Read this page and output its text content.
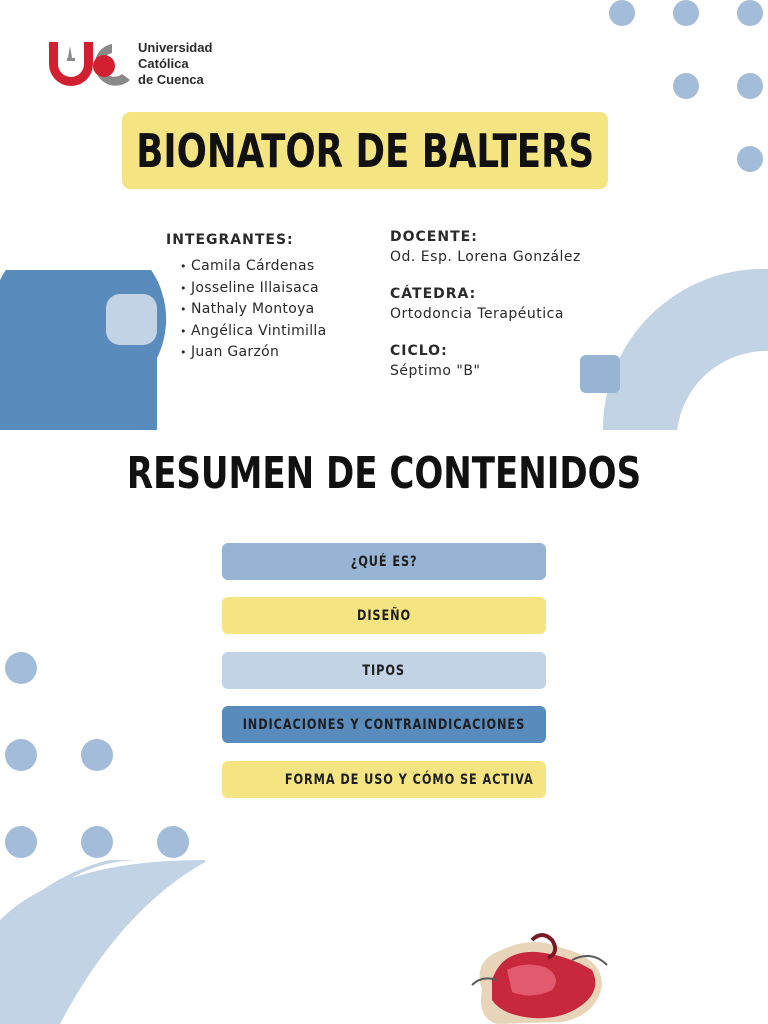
Universidad
Católica
de Cuenca
BIONATOR DE BALTERS
INTEGRANTES:
• Camila Cárdenas
• Josseline Illaisaca
• Nathaly Montoya
• Angélica Vintimilla
• Juan Garzón
DOCENTE:
Od. Esp. Lorena González
CÁTEDRA:
Ortodoncia Terapéutica
CICLO:
Séptimo "B"
RESUMEN DE CONTENIDOS
¿QUÉ ES?
DISEÑO
TIPOS
INDICACIONES Y CONTRAINDICACIONES
FORMA DE USO Y CÓMO SE ACTIVA
